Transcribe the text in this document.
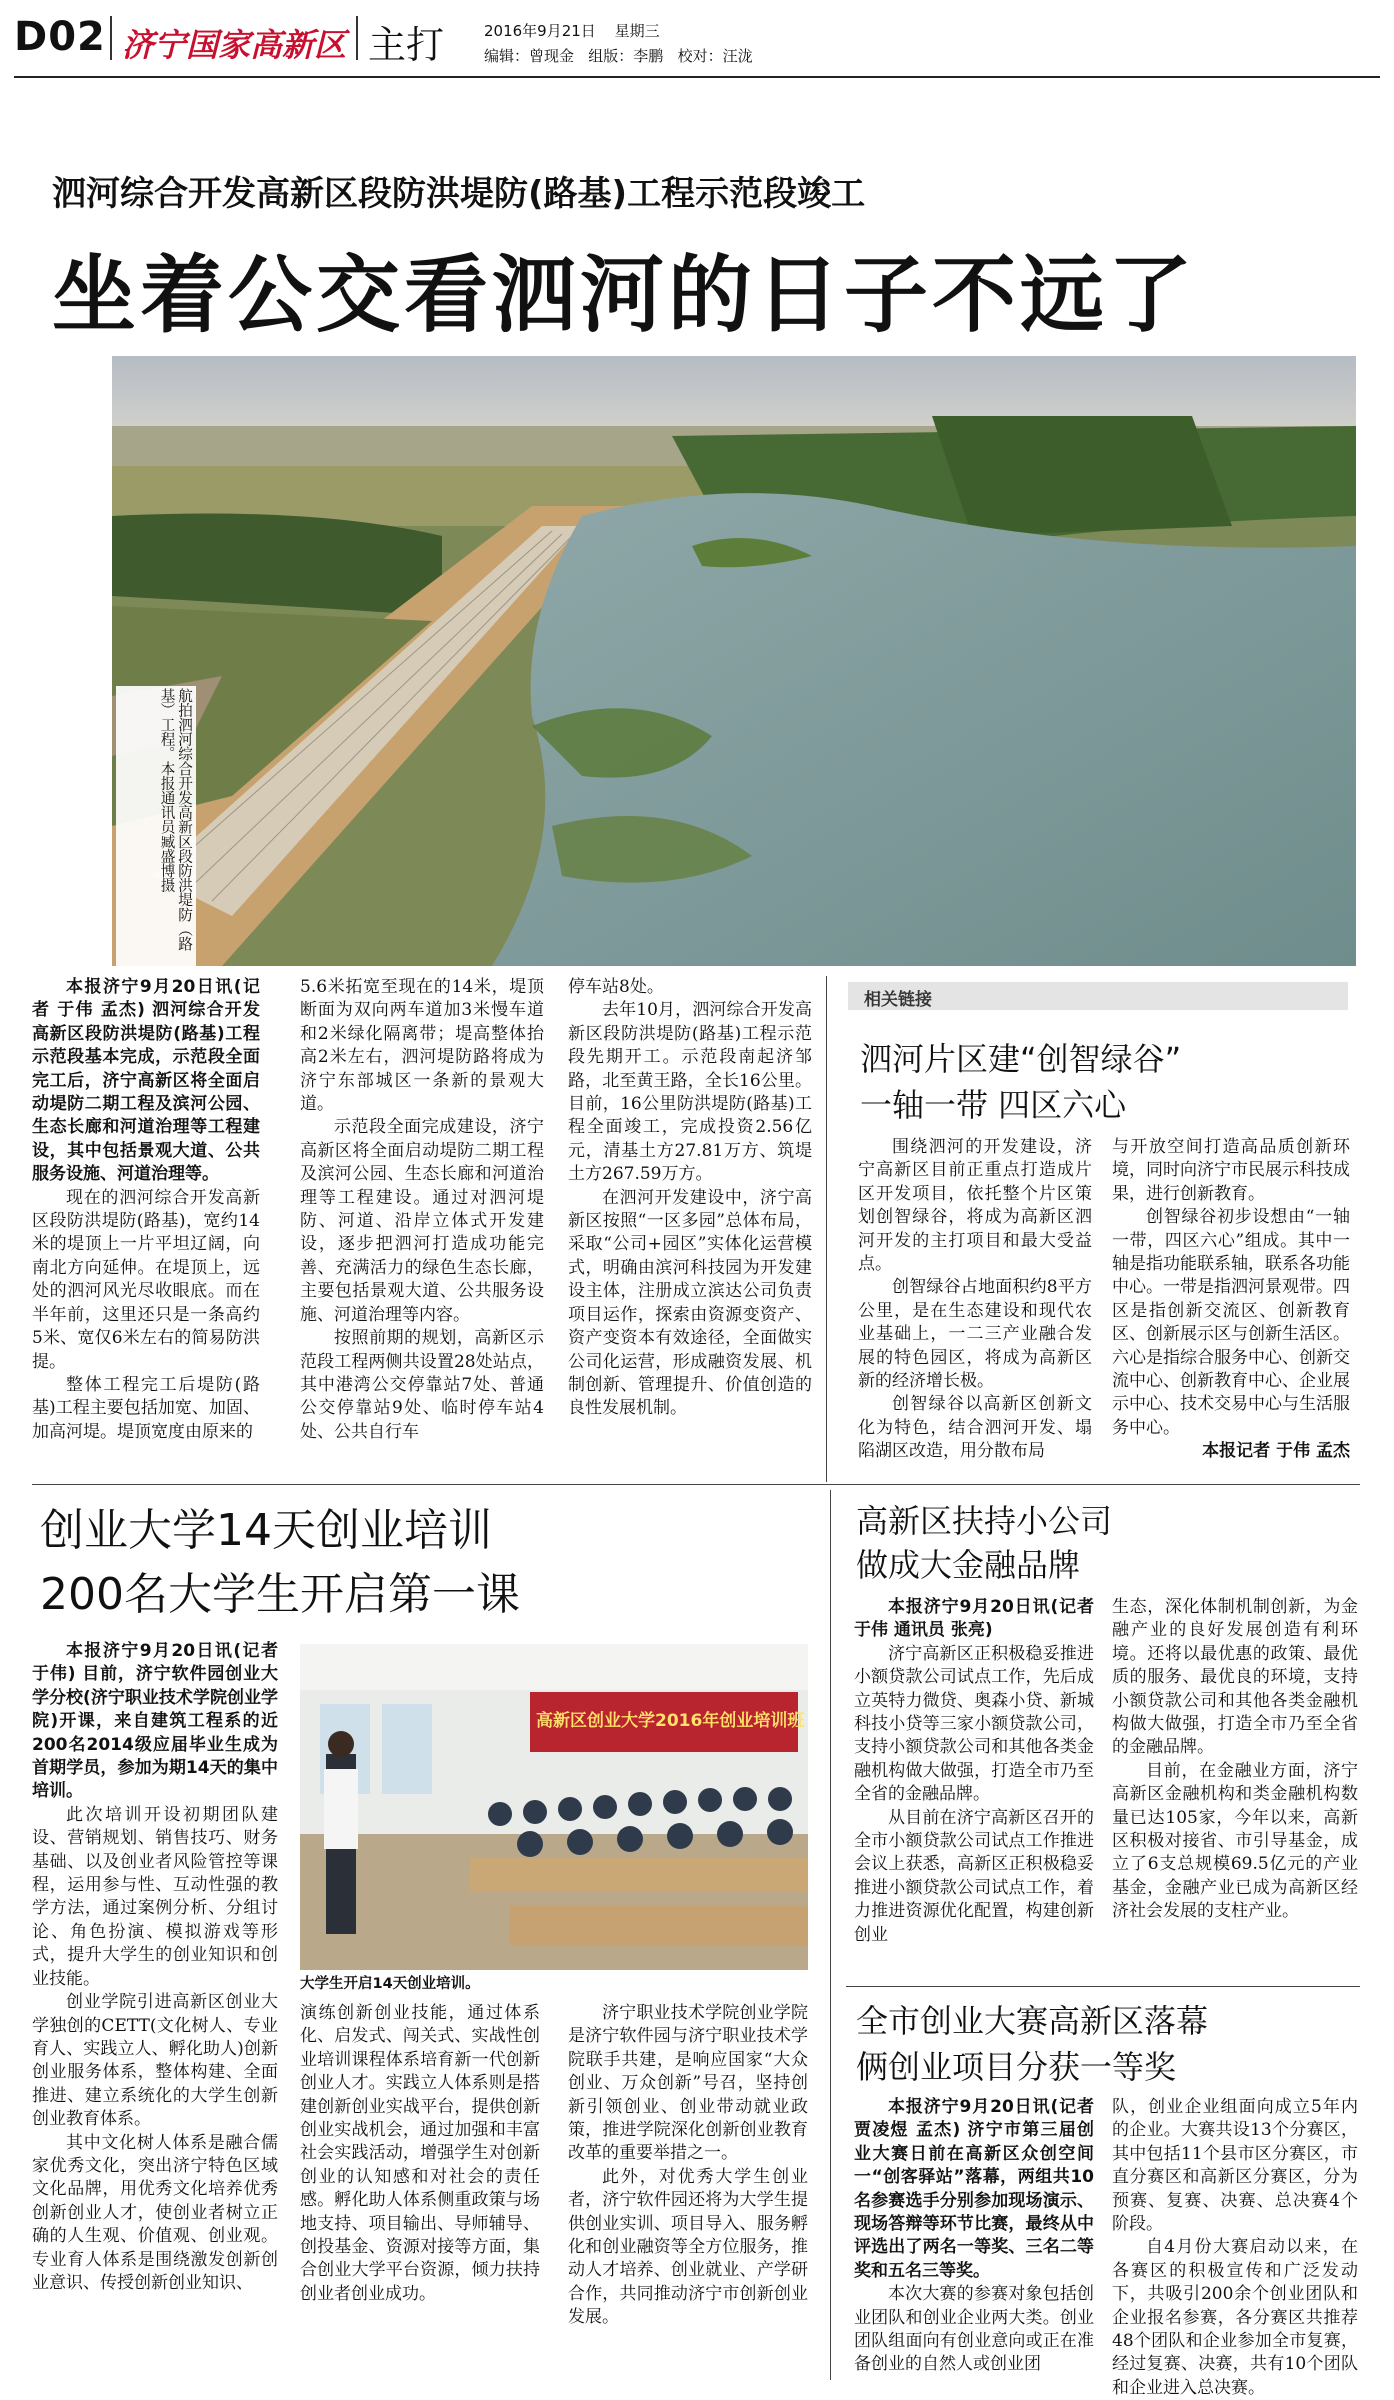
D02 济宁国家高新区 主打	2016年9月21日 星期三
编辑：曾现金   组版：李鹏   校对：汪泷
泗河综合开发高新区段防洪堤防(路基)工程示范段竣工
坐着公交看泗河的日子不远了
航拍泗河综合开发高新区段防洪堤防（路基）工程。本报通讯员臧盛博摄

本报济宁9月20日讯(记者 于伟 孟杰) 泗河综合开发高新区段防洪堤防(路基)工程示范段基本完成，示范段全面完工后，济宁高新区将全面启动堤防二期工程及滨河公园、生态长廊和河道治理等工程建设，其中包括景观大道、公共服务设施、河道治理等。

现在的泗河综合开发高新区段防洪堤防(路基)，宽约14米的堤顶上一片平坦辽阔，向南北方向延伸。在堤顶上，远处的泗河风光尽收眼底。而在半年前，这里还只是一条高约5米、宽仅6米左右的简易防洪提。

整体工程完工后堤防(路基)工程主要包括加宽、加固、加高河堤。堤顶宽度由原来的

5.6米拓宽至现在的14米，堤顶断面为双向两车道加3米慢车道和2米绿化隔离带；堤高整体抬高2米左右，泗河堤防路将成为济宁东部城区一条新的景观大道。

示范段全面完成建设，济宁高新区将全面启动堤防二期工程及滨河公园、生态长廊和河道治理等工程建设。通过对泗河堤防、河道、沿岸立体式开发建设，逐步把泗河打造成功能完善、充满活力的绿色生态长廊，主要包括景观大道、公共服务设施、河道治理等内容。

按照前期的规划，高新区示范段工程两侧共设置28处站点，其中港湾公交停靠站7处、普通公交停靠站9处、临时停车站4处、公共自行车

停车站8处。

去年10月，泗河综合开发高新区段防洪堤防(路基)工程示范段先期开工。示范段南起济邹路，北至黄王路，全长16公里。目前，16公里防洪堤防(路基)工程全面竣工，完成投资2.56亿元，清基土方27.81万方、筑堤土方267.59万方。

在泗河开发建设中，济宁高新区按照“一区多园”总体布局，采取“公司+园区”实体化运营模式，明确由滨河科技园为开发建设主体，注册成立滨达公司负责项目运作，探索由资源变资产、资产变资本有效途径，全面做实公司化运营，形成融资发展、机制创新、管理提升、价值创造的良性发展机制。

相关链接
泗河片区建“创智绿谷”
一轴一带 四区六心

围绕泗河的开发建设，济宁高新区目前正重点打造成片区开发项目，依托整个片区策划创智绿谷，将成为高新区泗河开发的主打项目和最大受益点。

创智绿谷占地面积约8平方公里，是在生态建设和现代农业基础上，一二三产业融合发展的特色园区，将成为高新区新的经济增长极。

创智绿谷以高新区创新文化为特色，结合泗河开发、塌陷湖区改造，用分散布局

与开放空间打造高品质创新环境，同时向济宁市民展示科技成果，进行创新教育。

创智绿谷初步设想由“一轴一带，四区六心”组成。其中一轴是指功能联系轴，联系各功能中心。一带是指泗河景观带。四区是指创新交流区、创新教育区、创新展示区与创新生活区。六心是指综合服务中心、创新交流中心、创新教育中心、企业展示中心、技术交易中心与生活服务中心。

本报记者 于伟 孟杰

创业大学14天创业培训
200名大学生开启第一课

本报济宁9月20日讯(记者 于伟) 目前，济宁软件园创业大学分校(济宁职业技术学院创业学院)开课，来自建筑工程系的近200名2014级应届毕业生成为首期学员，参加为期14天的集中培训。

此次培训开设初期团队建设、营销规划、销售技巧、财务基础、以及创业者风险管控等课程，运用参与性、互动性强的教学方法，通过案例分析、分组讨论、角色扮演、模拟游戏等形式，提升大学生的创业知识和创业技能。

创业学院引进高新区创业大学独创的CETT(文化树人、专业育人、实践立人、孵化助人)创新创业服务体系，整体构建、全面推进、建立系统化的大学生创新创业教育体系。

其中文化树人体系是融合儒家优秀文化，突出济宁特色区域文化品牌，用优秀文化培养优秀创新创业人才，使创业者树立正确的人生观、价值观、创业观。专业育人体系是围绕激发创新创业意识、传授创新创业知识、

高新区创业大学2016年创业培训班
大学生开启14天创业培训。

演练创新创业技能，通过体系化、启发式、闯关式、实战性创业培训课程体系培育新一代创新创业人才。实践立人体系则是搭建创新创业实战平台，提供创新创业实战机会，通过加强和丰富社会实践活动，增强学生对创新创业的认知感和对社会的责任感。孵化助人体系侧重政策与场地支持、项目输出、导师辅导、创投基金、资源对接等方面，集合创业大学平台资源，倾力扶持创业者创业成功。

济宁职业技术学院创业学院是济宁软件园与济宁职业技术学院联手共建，是响应国家“大众创业、万众创新”号召，坚持创新引领创业、创业带动就业政策，推进学院深化创新创业教育改革的重要举措之一。

此外，对优秀大学生创业者，济宁软件园还将为大学生提供创业实训、项目导入、服务孵化和创业融资等全方位服务，推动人才培养、创业就业、产学研合作，共同推动济宁市创新创业发展。

高新区扶持小公司
做成大金融品牌

本报济宁9月20日讯(记者 于伟 通讯员 张亮)

济宁高新区正积极稳妥推进小额贷款公司试点工作，先后成立英特力微贷、奥森小贷、新城科技小贷等三家小额贷款公司，支持小额贷款公司和其他各类金融机构做大做强，打造全市乃至全省的金融品牌。

从目前在济宁高新区召开的全市小额贷款公司试点工作推进会议上获悉，高新区正积极稳妥推进小额贷款公司试点工作，着力推进资源优化配置，构建创新创业

生态，深化体制机制创新，为金融产业的良好发展创造有利环境。还将以最优惠的政策、最优质的服务、最优良的环境，支持小额贷款公司和其他各类金融机构做大做强，打造全市乃至全省的金融品牌。

目前，在金融业方面，济宁高新区金融机构和类金融机构数量已达105家，今年以来，高新区积极对接省、市引导基金，成立了6支总规模69.5亿元的产业基金，金融产业已成为高新区经济社会发展的支柱产业。

全市创业大赛高新区落幕
俩创业项目分获一等奖

本报济宁9月20日讯(记者 贾凌煜 孟杰) 济宁市第三届创业大赛日前在高新区众创空间一“创客驿站”落幕，两组共10名参赛选手分别参加现场演示、现场答辩等环节比赛，最终从中评选出了两名一等奖、三名二等奖和五名三等奖。

本次大赛的参赛对象包括创业团队和创业企业两大类。创业团队组面向有创业意向或正在准备创业的自然人或创业团

队，创业企业组面向成立5年内的企业。大赛共设13个分赛区，其中包括11个县市区分赛区，市直分赛区和高新区分赛区，分为预赛、复赛、决赛、总决赛4个阶段。

自4月份大赛启动以来，在各赛区的积极宣传和广泛发动下，共吸引200余个创业团队和企业报名参赛，各分赛区共推荐48个团队和企业参加全市复赛，经过复赛、决赛，共有10个团队和企业进入总决赛。
